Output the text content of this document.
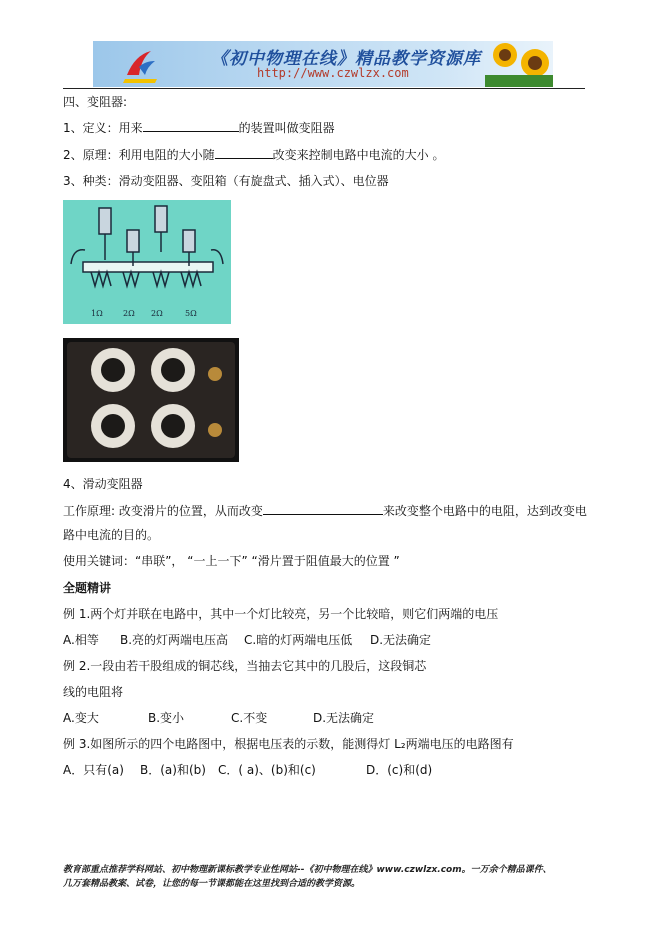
《初中物理在线》精品教学资源库
http://www.czwlzx.com
四、变阻器:
1、定义：用来	的装置叫做变阻器
2、原理：利用电阻的大小随	改变来控制电路中电流的大小 。
3、种类：滑动变阻器、变阻箱（有旋盘式、插入式）、电位器
1Ω	2Ω 2Ω	5Ω
4、滑动变阻器
工作原理: 改变滑片的位置，从而改变	来改变整个电路中的电阻，达到改变电
路中电流的目的。
使用关键词：“串联”， “一上一下” “滑片置于阻值最大的位置 ”
全题精讲
例 1.两个灯并联在电路中，其中一个灯比较亮，另一个比较暗，则它们两端的电压
A.相等 B.亮的灯两端电压高 C.暗的灯两端电压低 D.无法确定
例 2.一段由若干股组成的铜芯线，当抽去它其中的几股后，这段铜芯
线的电阻将
A.变大	B.变小	C.不变	D.无法确定
例 3.如图所示的四个电路图中，根据电压表的示数，能测得灯 L₂两端电压的电路图有
A．只有(a) B．(a)和(b) C．( a)、(b)和(c)	D．(c)和(d)
教育部重点推荐学科网站、初中物理新课标教学专业性网站--《初中物理在线》www.czwlzx.com。一万余个精品课件、
几万套精品教案、试卷，让您的每一节课都能在这里找到合适的教学资源。
